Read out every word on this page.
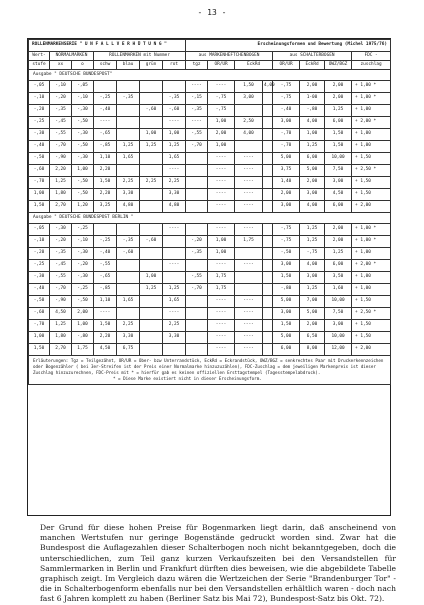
- 13 -
ROLLENMARKENSERIE " U N F A L L V E R H Ü T U N G "							Erscheinungsformen und Bewertung (Michel 1975/76)							
Wert-	NORMALMARKEN		ROLLENMARKEN mit Nummer				aus MARKENHEFTCHENBOGEN				aus SCHALTERBOGEN			FDC -
stufe	xx	o	schw	blau	grün	rot	tgz	OR/UR	EckRd		OR/UR	EckRd	OWZ/BGZ	zuschlag
Ausgabe " DEUTSCHE BUNDESPOST"														
-,05	-,10	-,05					----	----	1,50	4,00	-,75	2,00	2,00	+ 1,00 *
-,10	-,20	-,10	-,25	-,35		-,35	-,15	-,75	3,00		-,75	1-00	2,00	+ 1,00 *
-,20	-,35	-,30	-,40		-,60	-,60	-,35	-,75			-,40	-,80	1,25	+ 1,00
-,25	-,45	-,50	----			----	----	1,00	2,50		3,00	4,00	6,00	+ 2,00 *
-,30	-,55	-,30	-,65		1,00	1,00	-,55	2,00	4,00		-,70	1,00	1,50	+ 1,00
-,40	-,70	-,50	-,85	1,25	1,25	1,25	-,70	1,00			-,70	1,25	1,50	+ 1,00
-,50	-,90	-,30	1,10	1,65		1,65		----	----		5,00	6,00	10,00	+ 1,50
-,60	2,20	1,00	2,20			----		----	----		3,75	5,00	7,50	+ 2,50 *
-,70	1,25	-,50	1,50	2,25	2,25	2,25		----	----		1,40	2,00	3,00	+ 1,50
1,00	1,80	-,50	2,20	3,30		3,30		----	----		2,00	3,00	4,50	+ 1,50
1,50	2,70	1,20	3,25	4,80		4,80		----	----		3,00	4,00	6,00	+ 2,00
Ausgabe " DEUTSCHE BUNDESPOST BERLIN "														
-,05	-,30	-,25				----		----	----		-,75	1,25	2,00	+ 1,00 *
-,10	-,20	-,10	-,25	-,35	-,60		-,20	1,00	1,75		-,75	1,25	2,00	+ 1,00 *
-,20	-,35	-,30	-,40	-,60			-,35	1,00			-,50	-,75	1,25	+ 1,00
-,25	-,45	-,20	-,55			----		----	----		3,00	4,00	6,00	+ 2,00 *
-,30	-,55	-,30	-,65		1,00		-,55	1,75			1,50	3,00	3,50	+ 1,00
-,40	-,70	-,25	-,85		1,25	1,25	-,70	1,75			-,80	1,25	1,60	+ 1,00
-,50	-,90	-,50	1,10	1,65		1,65		----	----		5,00	7,00	10,00	+ 1,50
-,60	4,50	2,00	----			----		----	----		3,00	5,00	7,50	+ 2,50 *
-,70	1,25	1,00	1,50	2,25		2,25		----	----		1,50	2,00	3,00	+ 1,50
1,00	1,80	-,80	2,20	3,30		3,30		----	----		5,00	6,50	10,00	+ 1,50
1,50	2,70	1,75	4,50	6,75				----	----		6,00	8,00	12,00	+ 2,00

Erläuterungen: Tgz = Teilgezähnt, OR/UR = Ober- bzw Unterrandstück, EckRd = Eckrandstück, OWZ/BGZ = senkrechtes Paar mit Druckerkennzeichen oder Bogenzähler ( bei 3er-Streifen ist der Preis einer Normalmarke hinzuzuzählen), FDC-Zuschlag = dem jeweiligen Markenpreis ist dieser Zuschlag hinzuzurechnen, FDC-Preis mit * = hierfür gab es keinen offiziellen Ersttagstempel (Tagesstempelabdruck).
* = Diese Marke existiert nicht in dieser Erscheinungsform.														

Der Grund für diese hohen Preise für Bogenmarken liegt darin, daß anscheinend von manchen Wertstufen nur geringe Bogenstände gedruckt worden sind. Zwar hat die Bundespost die Auflagezahlen dieser Schalterbogen noch nicht bekanntgegeben, doch die unterschiedlichen, zum Teil ganz kurzen Verkaufszeiten bei den Versandstellen für Sammlermarken in Berlin und Frankfurt dürften dies beweisen, wie die abgebildete Tabelle graphisch zeigt. Im Vergleich dazu wären die Wertzeichen der Serie "Brandenburger Tor" - die in Schalterbogenform ebenfalls nur bei den Versandstellen erhältlich waren - doch nach fast 6 Jahren komplett zu haben (Berliner Satz bis Mai 72), Bundespost-Satz bis Okt. 72).
